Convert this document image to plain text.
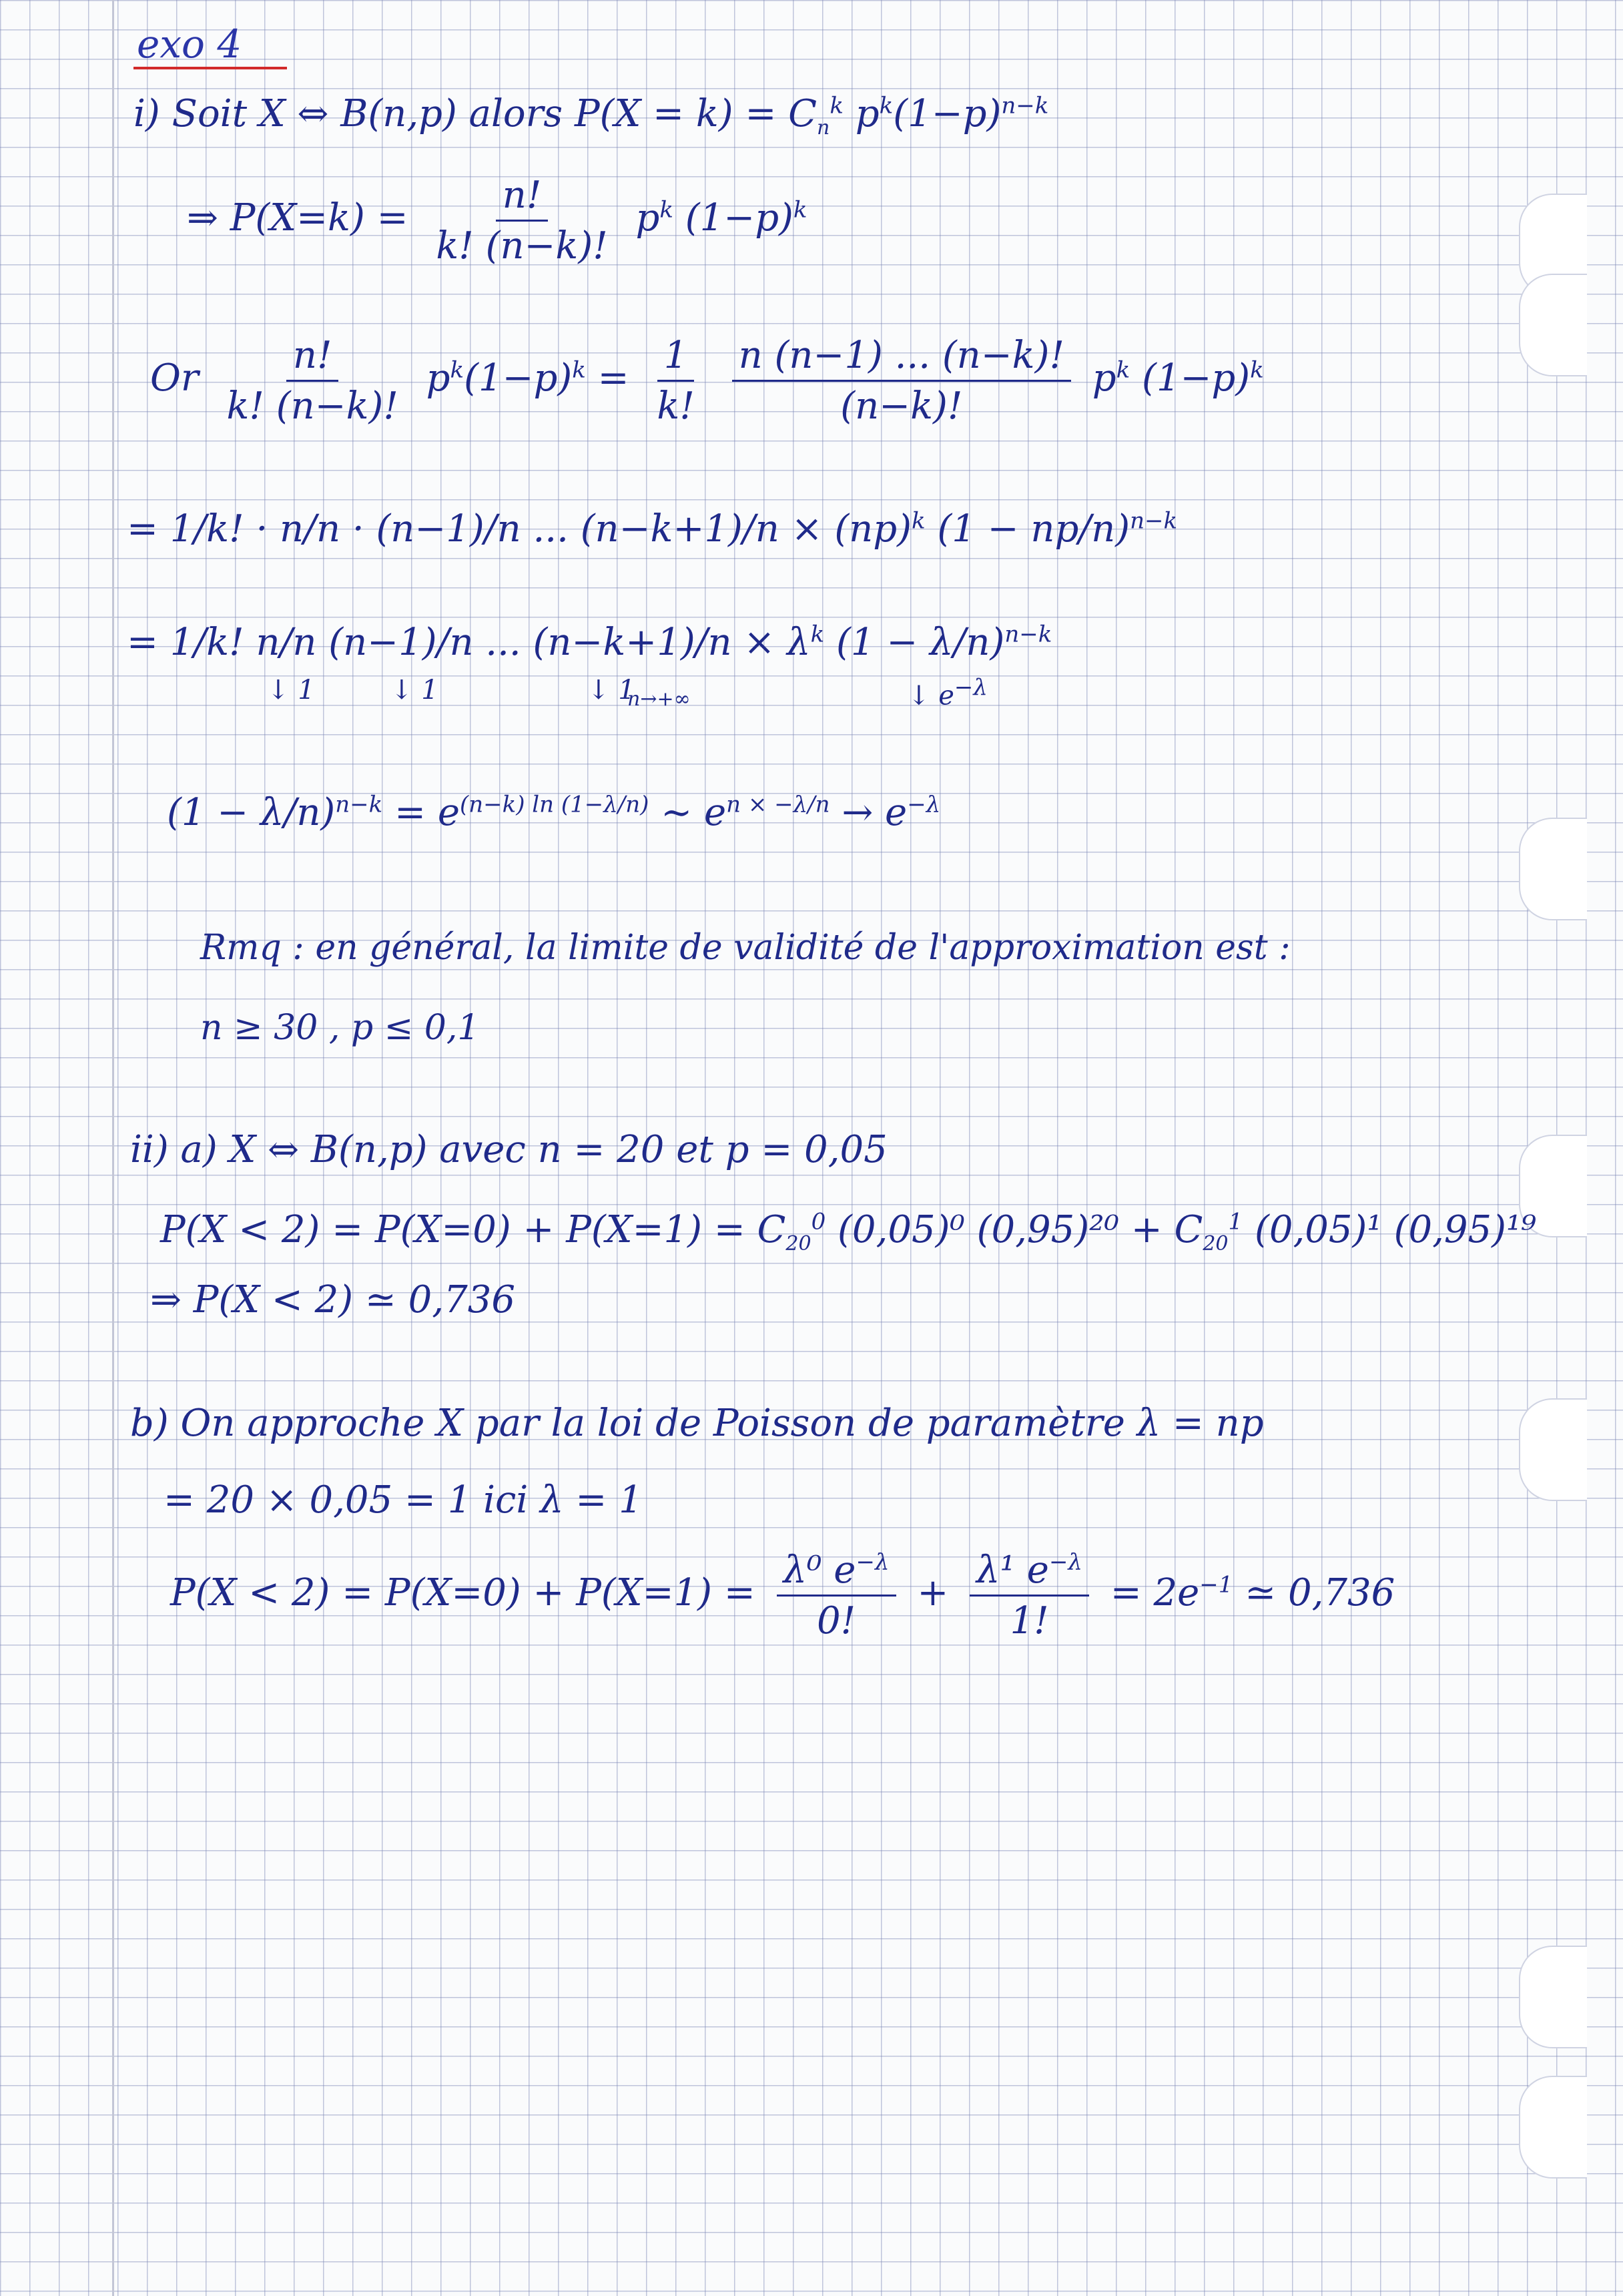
exo 4
i) Soit X ⇔ B(n,p) alors $P(X = k) = C_n^k$ $p^k(1-p)^{n-k}$
⇒ $P(X=k) = \frac{n!}{k! (n-k)!} p^k$ $(1-p)^k$
Or $\frac{n!}{k! (n-k)!} p^k(1-p)^k = \frac{1}{k!}$
$\frac{n (n-1) ... (n-k)!}{(n-k)!} p^k$ $(1-p)^k$
= 1/k! · n/n · (n−1)/n ... (n−k+1)/n × (np)$^k$ $(1 - np/n)^{n-k}$
= 1/k! n/n (n−1)/n ... $(n-k+1)/n \times \lambda^k$ $(1 - \lambda/n)^{n-k}$
↓ 1	↓ 1	↓ 1
n→+∞	↓ $e^{-\lambda}$
$(1 - \lambda/n)^{n-k} = e^{(n-k) ln (1-\lambda/n)}$ ∼ $e^{n \times -\lambda/n} \to e^{-\lambda}$
Rmq : en général, la limite de validité de l'approximation est :
n ≥ 30 , p ≤ 0,1
ii) a) X ⇔ B(n,p) avec n = 20 et p = 0,05
$P(X < 2) = P(X=0) + P(X=1) = C_{20}^0$ (0,05)⁰ $(0,95)^{20} + C_{20}^1$ (0,05)¹ (0,95)¹⁹
⇒ P(X < 2) ≃ 0,736
b) On approche X par la loi de Poisson de paramètre λ = np
= 20 × 0,05 = 1 ici λ = 1
$P(X < 2) = P(X=0) + P(X=1) = \frac{\lambda^0 e^{-\lambda}}{0!} + \frac{\lambda^1 e^{-\lambda}}{1!} = 2e^{-1}$ ≃ 0,736
